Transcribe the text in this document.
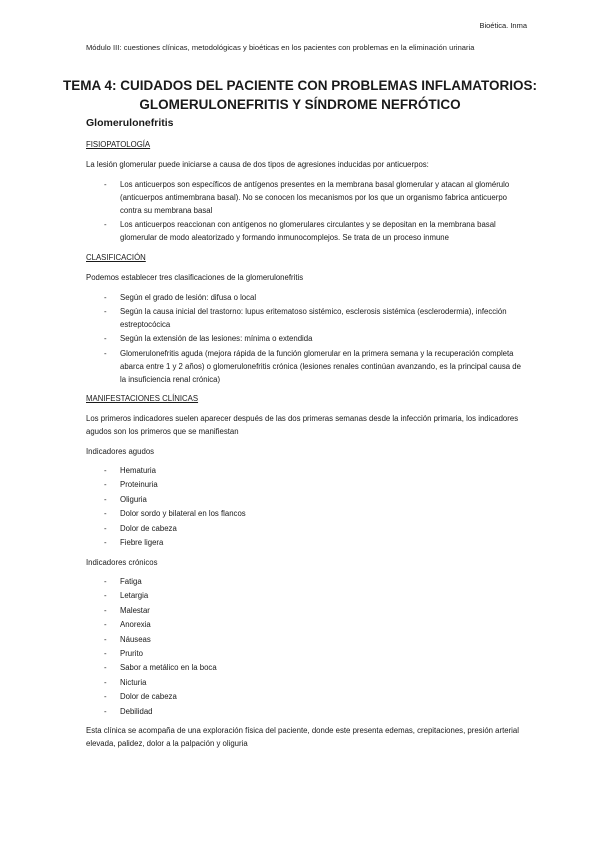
Bioética. Inma
Módulo III: cuestiones clínicas, metodológicas y bioéticas en los pacientes con problemas en la eliminación urinaria
TEMA 4: CUIDADOS DEL PACIENTE CON PROBLEMAS INFLAMATORIOS:
GLOMERULONEFRITIS Y SÍNDROME NEFRÓTICO
Glomerulonefritis
FISIOPATOLOGÍA
La lesión glomerular puede iniciarse a causa de dos tipos de agresiones inducidas por anticuerpos:
- Los anticuerpos son específicos de antígenos presentes en la membrana basal glomerular y atacan al glomérulo (anticuerpos antimembrana basal). No se conocen los mecanismos por los que un organismo fabrica anticuerpo contra su membrana basal
- Los anticuerpos reaccionan con antígenos no glomerulares circulantes y se depositan en la membrana basal glomerular de modo aleatorizado y formando inmunocomplejos. Se trata de un proceso inmune
CLASIFICACIÓN
Podemos establecer tres clasificaciones de la glomerulonefritis
- Según el grado de lesión: difusa o local
- Según la causa inicial del trastorno: lupus eritematoso sistémico, esclerosis sistémica (esclerodermia), infección estreptocócica
- Según la extensión de las lesiones: mínima o extendida
- Glomerulonefritis aguda (mejora rápida de la función glomerular en la primera semana y la recuperación completa abarca entre 1 y 2 años) o glomerulonefritis crónica (lesiones renales continúan avanzando, es la principal causa de la insuficiencia renal crónica)
MANIFESTACIONES CLÍNICAS
Los primeros indicadores suelen aparecer después de las dos primeras semanas desde la infección primaria, los indicadores agudos son los primeros que se manifiestan
Indicadores agudos
- Hematuria
- Proteinuria
- Oliguria
- Dolor sordo y bilateral en los flancos
- Dolor de cabeza
- Fiebre ligera
Indicadores crónicos
- Fatiga
- Letargia
- Malestar
- Anorexia
- Náuseas
- Prurito
- Sabor a metálico en la boca
- Nicturia
- Dolor de cabeza
- Debilidad
Esta clínica se acompaña de una exploración física del paciente, donde este presenta edemas, crepitaciones, presión arterial elevada, palidez, dolor a la palpación y oliguria
